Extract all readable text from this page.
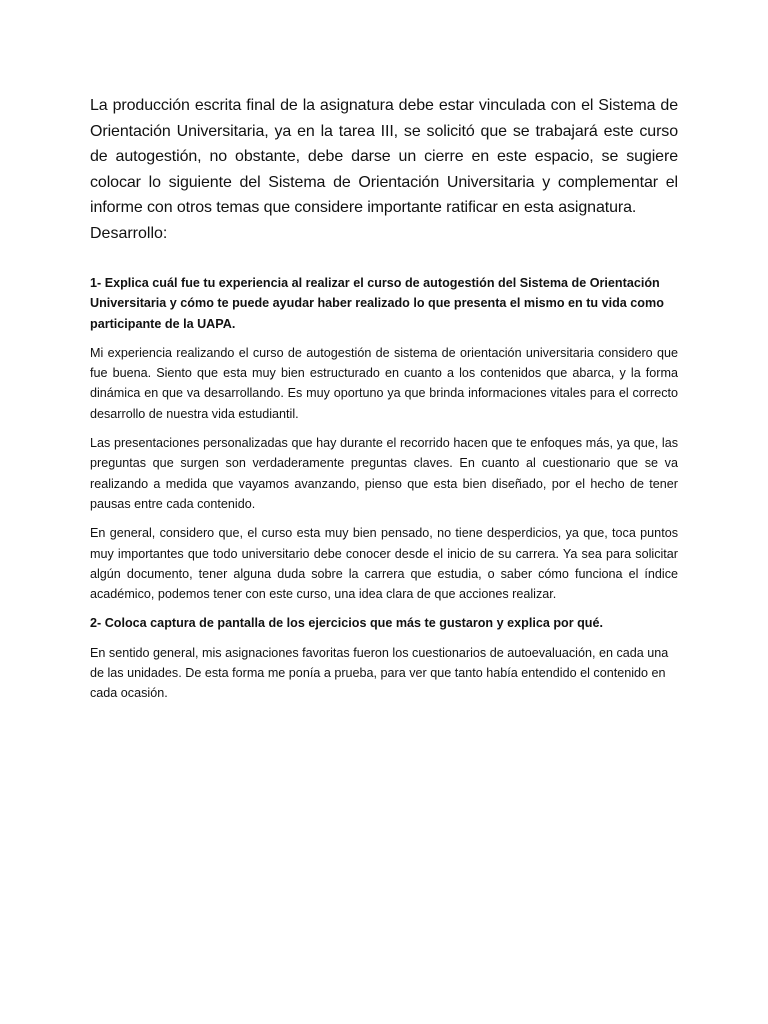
La producción escrita final de la asignatura debe estar vinculada con el Sistema de Orientación Universitaria, ya en la tarea III, se solicitó que se trabajará este curso de autogestión, no obstante, debe darse un cierre en este espacio, se sugiere colocar lo siguiente del Sistema de Orientación Universitaria y complementar el informe con otros temas que considere importante ratificar en esta asignatura.

Desarrollo:

1- Explica cuál fue tu experiencia al realizar el curso de autogestión del Sistema de Orientación Universitaria y cómo te puede ayudar haber realizado lo que presenta el mismo en tu vida como participante de la UAPA.

Mi experiencia realizando el curso de autogestión de sistema de orientación universitaria considero que fue buena. Siento que esta muy bien estructurado en cuanto a los contenidos que abarca, y la forma dinámica en que va desarrollando. Es muy oportuno ya que brinda informaciones vitales para el correcto desarrollo de nuestra vida estudiantil.

Las presentaciones personalizadas que hay durante el recorrido hacen que te enfoques más, ya que, las preguntas que surgen son verdaderamente preguntas claves. En cuanto al cuestionario que se va realizando a medida que vayamos avanzando, pienso que esta bien diseñado, por el hecho de tener pausas entre cada contenido.

En general, considero que, el curso esta muy bien pensado, no tiene desperdicios, ya que, toca puntos muy importantes que todo universitario debe conocer desde el inicio de su carrera. Ya sea para solicitar algún documento, tener alguna duda sobre la carrera que estudia, o saber cómo funciona el índice académico, podemos tener con este curso, una idea clara de que acciones realizar.

2- Coloca captura de pantalla de los ejercicios que más te gustaron y explica por qué.

En sentido general, mis asignaciones favoritas fueron los cuestionarios de autoevaluación, en cada una de las unidades. De esta forma me ponía a prueba, para ver que tanto había entendido el contenido en cada ocasión.
